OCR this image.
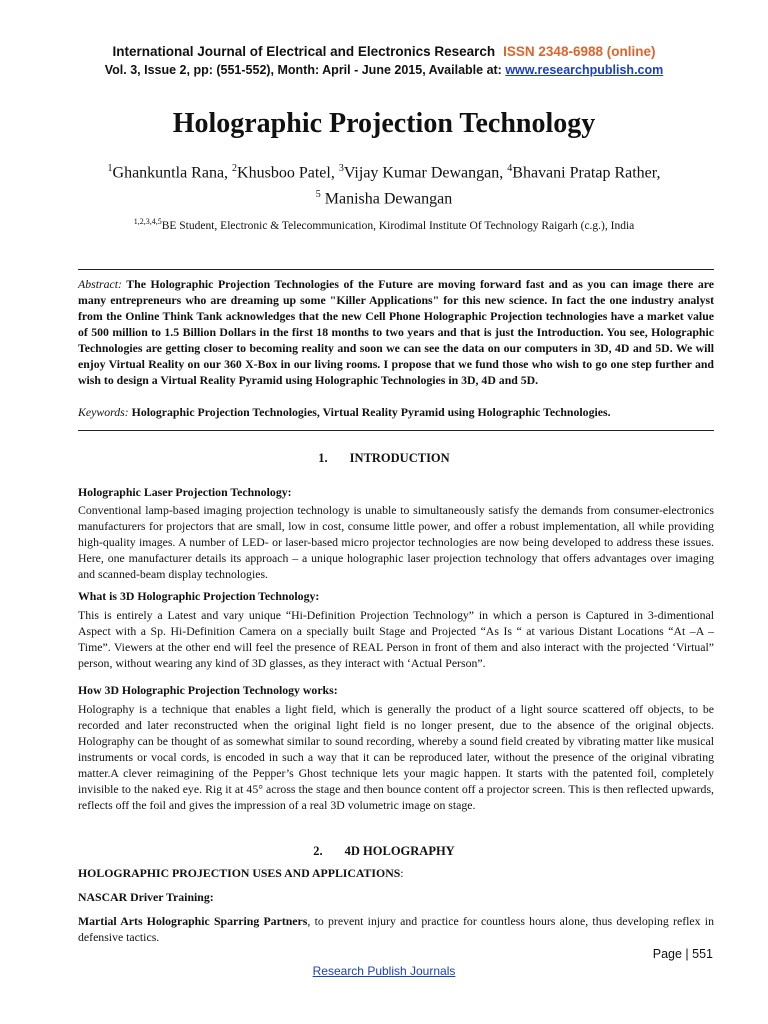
International Journal of Electrical and Electronics Research ISSN 2348-6988 (online)
Vol. 3, Issue 2, pp: (551-552), Month: April - June 2015, Available at: www.researchpublish.com
Holographic Projection Technology
$^1$Ghankuntla Rana, $^2$Khusboo Patel, $^3$Vijay Kumar Dewangan, $^4$Bhavani Pratap Rather,
$^5$ Manisha Dewangan
$^{1,2,3,4,5}$BE Student, Electronic & Telecommunication, Kirodimal Institute Of Technology Raigarh (c.g.), India
Abstract: The Holographic Projection Technologies of the Future are moving forward fast and as you can image there are many entrepreneurs who are dreaming up some "Killer Applications" for this new science. In fact the one industry analyst from the Online Think Tank acknowledges that the new Cell Phone Holographic Projection technologies have a market value of 500 million to 1.5 Billion Dollars in the first 18 months to two years and that is just the Introduction. You see, Holographic Technologies are getting closer to becoming reality and soon we can see the data on our computers in 3D, 4D and 5D. We will enjoy Virtual Reality on our 360 X-Box in our living rooms. I propose that we fund those who wish to go one step further and wish to design a Virtual Reality Pyramid using Holographic Technologies in 3D, 4D and 5D.
Keywords: Holographic Projection Technologies, Virtual Reality Pyramid using Holographic Technologies.
1. INTRODUCTION
Holographic Laser Projection Technology:
Conventional lamp-based imaging projection technology is unable to simultaneously satisfy the demands from consumer-electronics manufacturers for projectors that are small, low in cost, consume little power, and offer a robust implementation, all while providing high-quality images. A number of LED- or laser-based micro projector technologies are now being developed to address these issues. Here, one manufacturer details its approach – a unique holographic laser projection technology that offers advantages over imaging and scanned-beam display technologies.
What is 3D Holographic Projection Technology:
This is entirely a Latest and vary unique “Hi-Definition Projection Technology” in which a person is Captured in 3-dimentional Aspect with a Sp. Hi-Definition Camera on a specially built Stage and Projected “As Is “ at various Distant Locations “At –A – Time”. Viewers at the other end will feel the presence of REAL Person in front of them and also interact with the projected ‘Virtual” person, without wearing any kind of 3D glasses, as they interact with ‘Actual Person”.
How 3D Holographic Projection Technology works:
Holography is a technique that enables a light field, which is generally the product of a light source scattered off objects, to be recorded and later reconstructed when the original light field is no longer present, due to the absence of the original objects. Holography can be thought of as somewhat similar to sound recording, whereby a sound field created by vibrating matter like musical instruments or vocal cords, is encoded in such a way that it can be reproduced later, without the presence of the original vibrating matter.A clever reimagining of the Pepper’s Ghost technique lets your magic happen. It starts with the patented foil, completely invisible to the naked eye. Rig it at 45° across the stage and then bounce content off a projector screen. This is then reflected upwards, reflects off the foil and gives the impression of a real 3D volumetric image on stage.
2. 4D HOLOGRAPHY
HOLOGRAPHIC PROJECTION USES AND APPLICATIONS:
NASCAR Driver Training:
Martial Arts Holographic Sparring Partners, to prevent injury and practice for countless hours alone, thus developing reflex in defensive tactics.
Page | 551
Research Publish Journals
